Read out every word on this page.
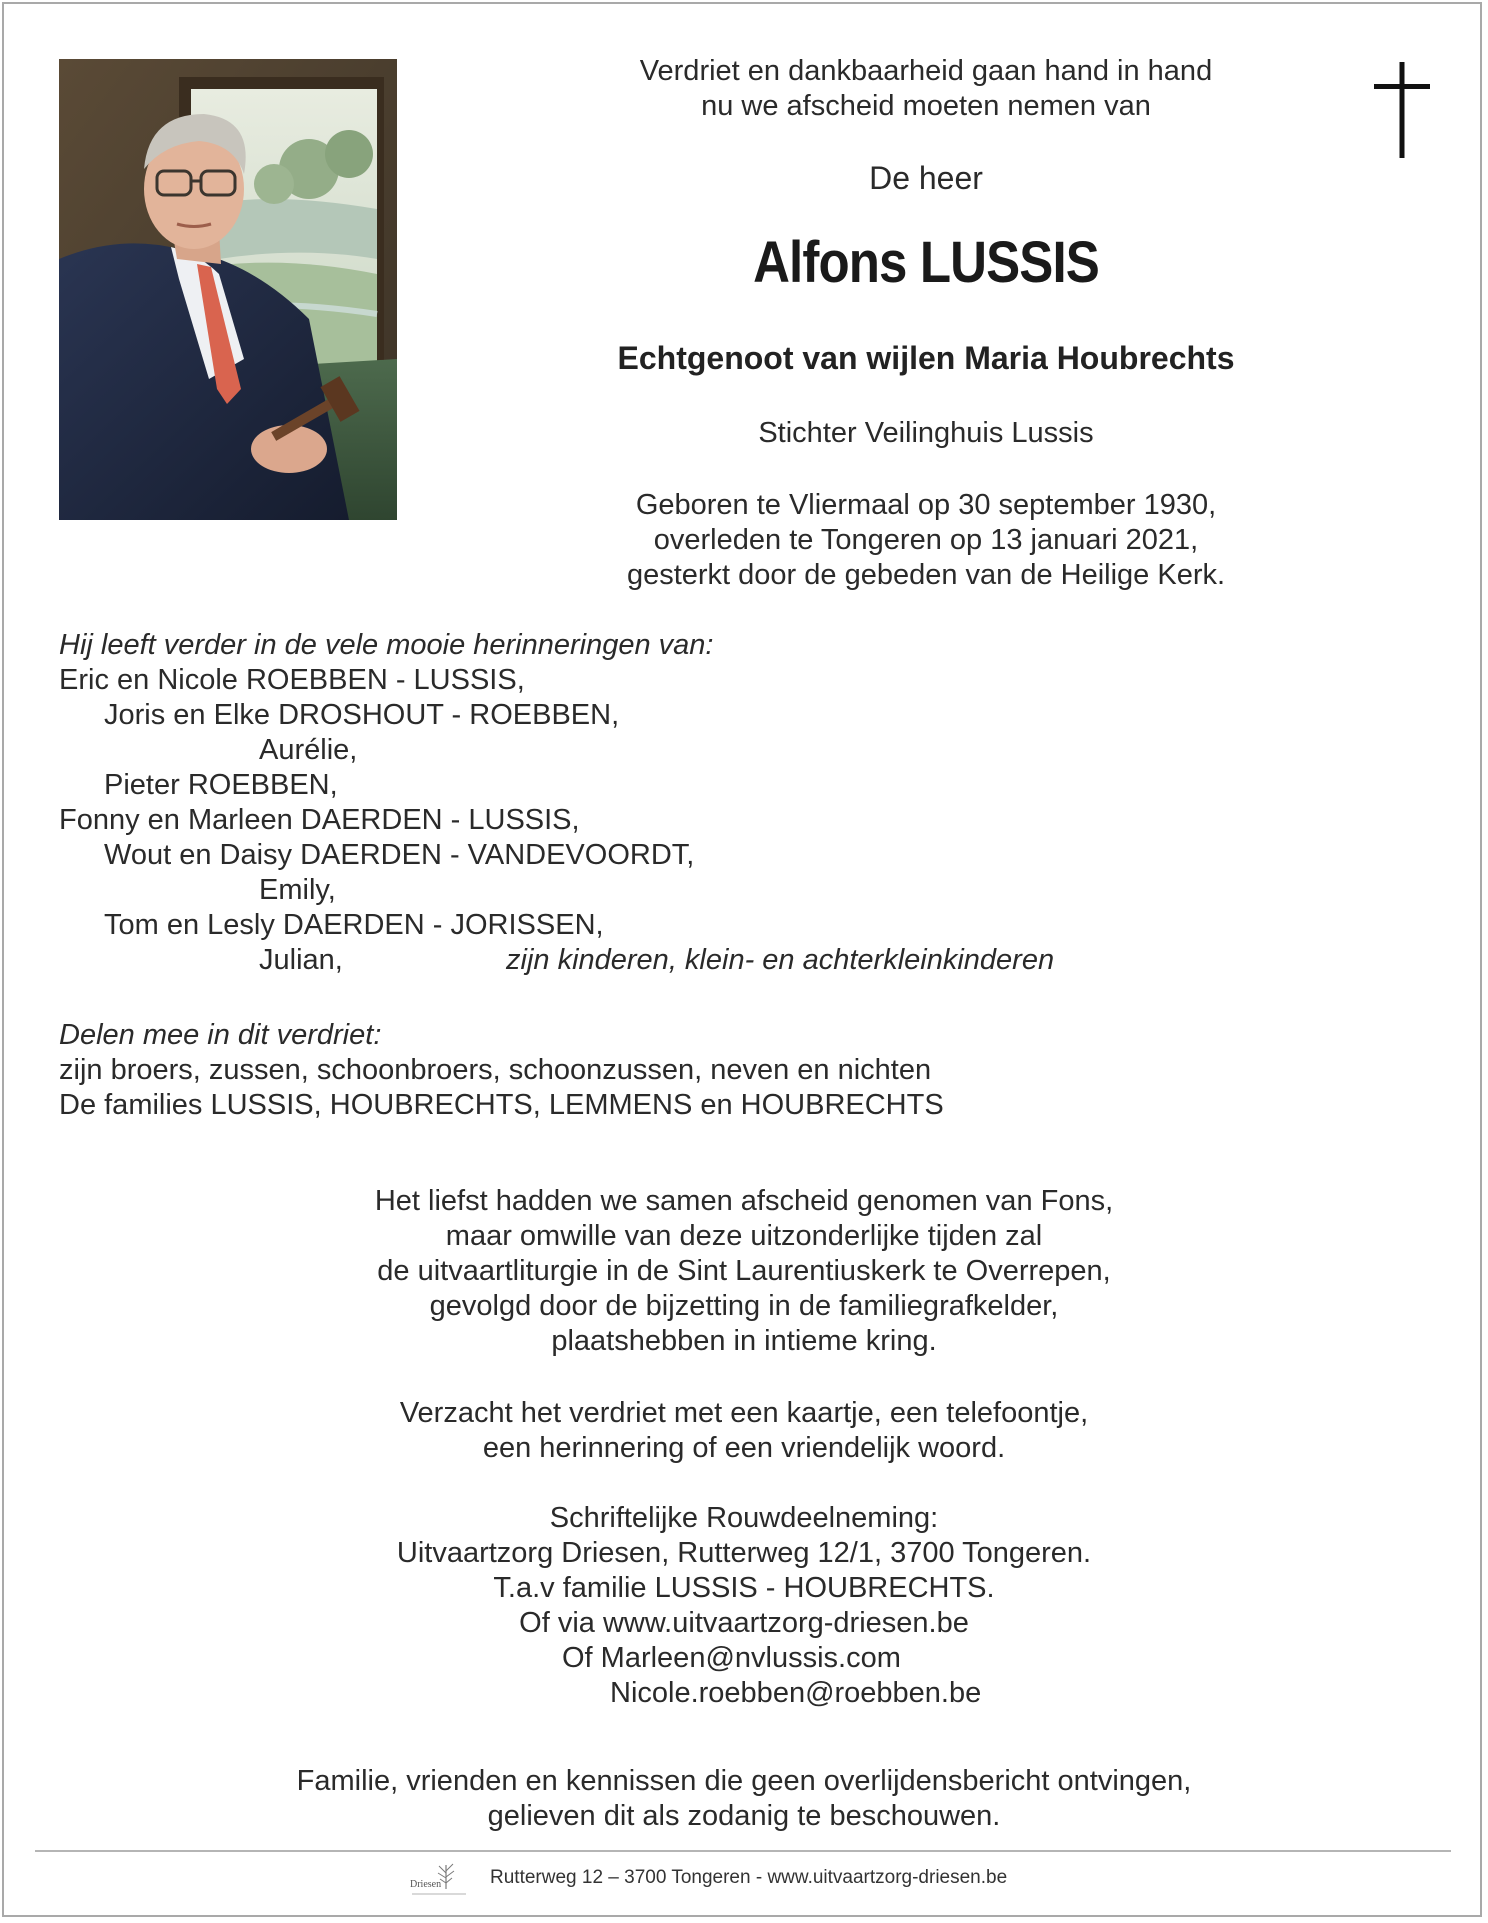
Verdriet en dankbaarheid gaan hand in hand
nu we afscheid moeten nemen van
De heer
Alfons LUSSIS
Echtgenoot van wijlen Maria Houbrechts
Stichter Veilinghuis Lussis
Geboren te Vliermaal op 30 september 1930,
overleden te Tongeren op 13 januari 2021,
gesterkt door de gebeden van de Heilige Kerk.
Hij leeft verder in de vele mooie herinneringen van:
Eric en Nicole ROEBBEN - LUSSIS,
Joris en Elke DROSHOUT - ROEBBEN,
Aurélie,
Pieter ROEBBEN,
Fonny en Marleen DAERDEN - LUSSIS,
Wout en Daisy DAERDEN - VANDEVOORDT,
Emily,
Tom en Lesly DAERDEN - JORISSEN,
Julian,	zijn kinderen, klein- en achterkleinkinderen
Delen mee in dit verdriet:
zijn broers, zussen, schoonbroers, schoonzussen, neven en nichten
De families LUSSIS, HOUBRECHTS, LEMMENS en HOUBRECHTS
Het liefst hadden we samen afscheid genomen van Fons,
maar omwille van deze uitzonderlijke tijden zal
de uitvaartliturgie in de Sint Laurentiuskerk te Overrepen,
gevolgd door de bijzetting in de familiegrafkelder,
plaatshebben in intieme kring.
Verzacht het verdriet met een kaartje, een telefoontje,
een herinnering of een vriendelijk woord.
Schriftelijke Rouwdeelneming:
Uitvaartzorg Driesen, Rutterweg 12/1, 3700 Tongeren.
T.a.v familie LUSSIS - HOUBRECHTS.
Of via www.uitvaartzorg-driesen.be
Of Marleen@nvlussis.com
Nicole.roebben@roebben.be
Familie, vrienden en kennissen die geen overlijdensbericht ontvingen,
gelieven dit als zodanig te beschouwen.
Driesen	Rutterweg 12 – 3700 Tongeren - www.uitvaartzorg-driesen.be
